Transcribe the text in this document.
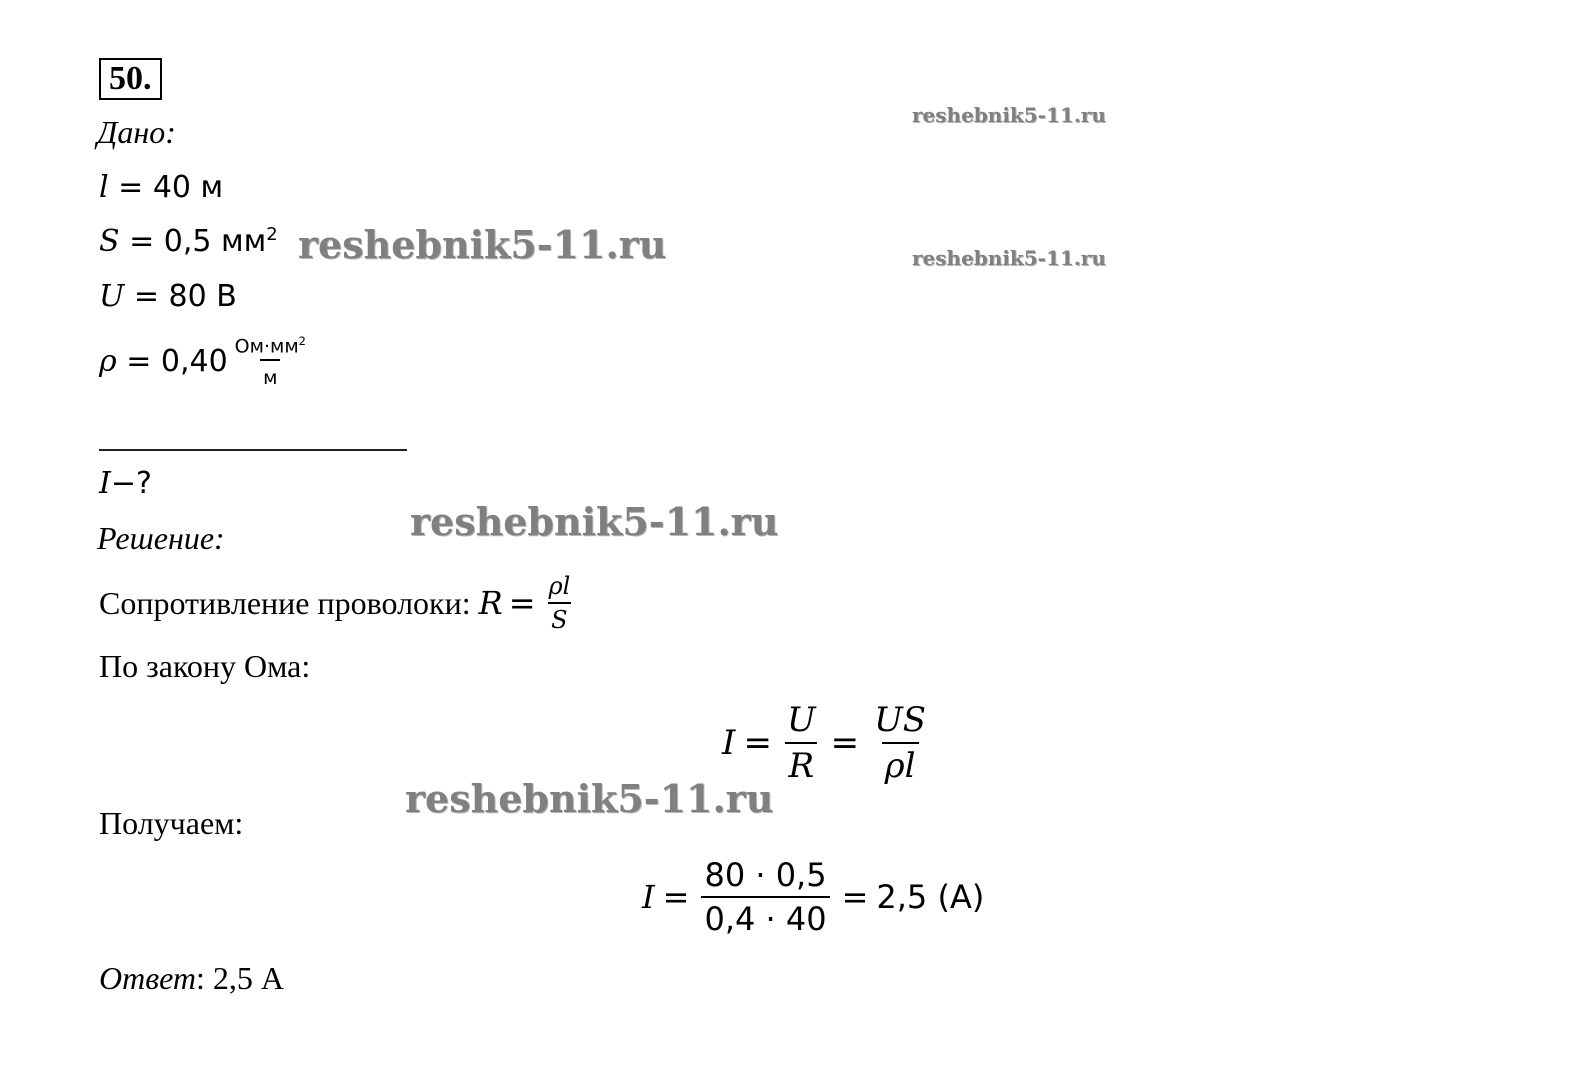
50.
Дано:
l = 40 м
S = 0,5 $мм^2$
U = 80 В
ρ
= $0,40 \frac{Ом\cdot мм^2}{м}$
I−?
Решение:
Сопротивление проволоки:
$R = \frac{\rho l}{S}$
По закону Ома:
$I = \frac{U}{R} = \frac{US}{\rho l}$
Получаем:
$I = \frac{80 \cdot 0,5}{0,4 \cdot 40} = 2,5$ (А)
Ответ: 2,5 А
reshebnik5-11.ru
reshebnik5-11.ru
reshebnik5-11.ru
reshebnik5-11.ru
reshebnik5-11.ru
